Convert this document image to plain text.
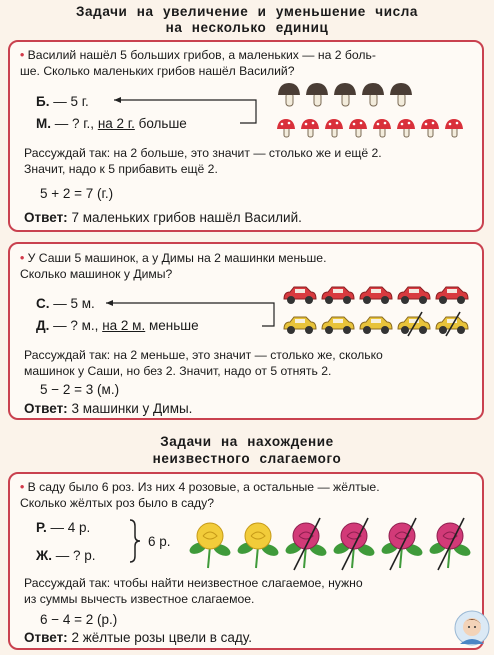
Задачи на увеличение и уменьшение числа
на несколько единиц
• Василий нашёл 5 больших грибов, а маленьких — на 2 боль-
ше. Сколько маленьких грибов нашёл Василий?
Б. — 5 г.
М. — ? г., на 2 г. больше
Рассуждай так: на 2 больше, это значит — столько же и ещё 2.
Значит, надо к 5 прибавить ещё 2.
5 + 2 = 7 (г.)
Ответ: 7 маленьких грибов нашёл Василий.
• У Саши 5 машинок, а у Димы на 2 машинки меньше.
Сколько машинок у Димы?
С. — 5 м.
Д. — ? м., на 2 м. меньше
Рассуждай так: на 2 меньше, это значит — столько же, сколько
машинок у Саши, но без 2. Значит, надо от 5 отнять 2.
5 − 2 = 3 (м.)
Ответ: 3 машинки у Димы.
Задачи на нахождение
неизвестного слагаемого
• В саду было 6 роз. Из них 4 розовые, а остальные — жёлтые.
Сколько жёлтых роз было в саду?
Р. — 4 р.
Ж. — ? р.
6 р.
Рассуждай так: чтобы найти неизвестное слагаемое, нужно
из суммы вычесть известное слагаемое.
6 − 4 = 2 (р.)
Ответ: 2 жёлтые розы цвели в саду.
